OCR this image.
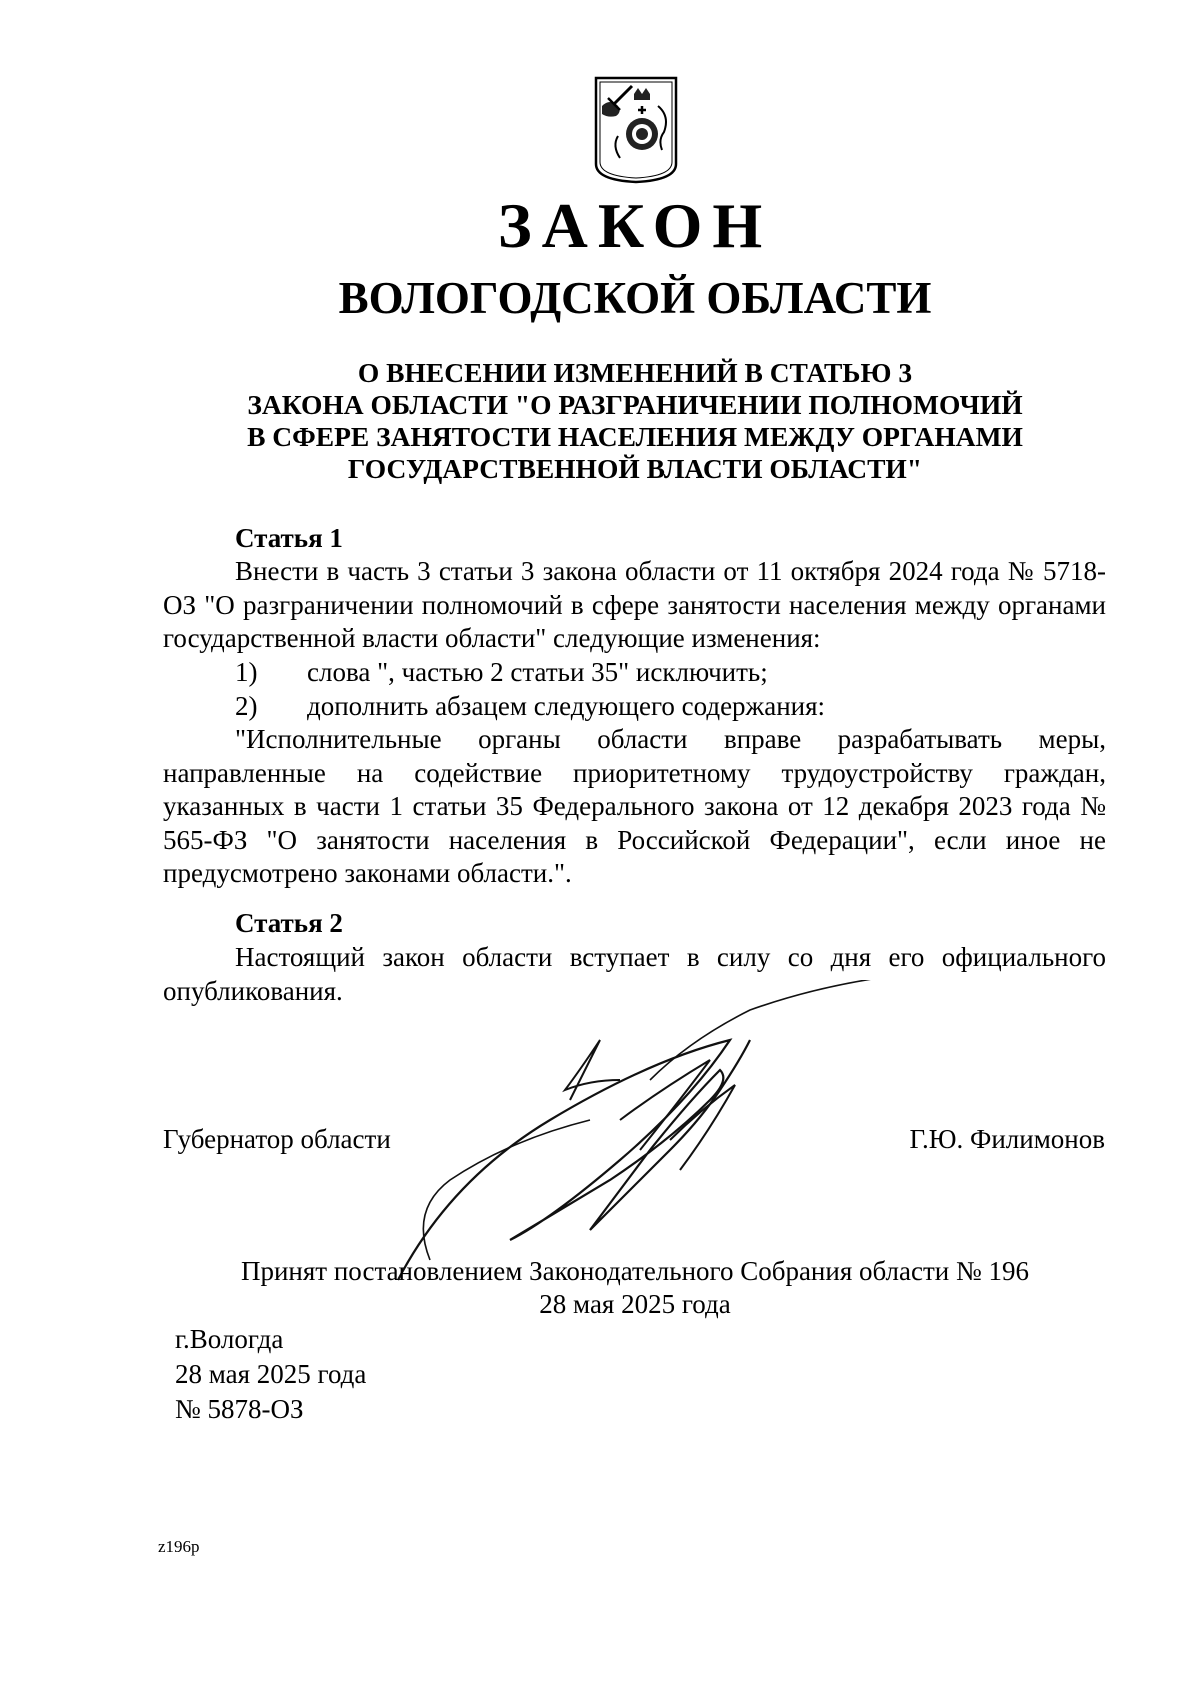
ЗАКОН
ВОЛОГОДСКОЙ ОБЛАСТИ
О ВНЕСЕНИИ ИЗМЕНЕНИЙ В СТАТЬЮ 3
ЗАКОНА ОБЛАСТИ "О РАЗГРАНИЧЕНИИ ПОЛНОМОЧИЙ
В СФЕРЕ ЗАНЯТОСТИ НАСЕЛЕНИЯ МЕЖДУ ОРГАНАМИ
ГОСУДАРСТВЕННОЙ ВЛАСТИ ОБЛАСТИ"
Статья 1
Внести в часть 3 статьи 3 закона области от 11 октября 2024 года № 5718-ОЗ "О разграничении полномочий в сфере занятости населения между органами государственной власти области" следующие изменения:
1) слова ", частью 2 статьи 35" исключить;
2) дополнить абзацем следующего содержания:
"Исполнительные органы области вправе разрабатывать меры, направленные на содействие приоритетному трудоустройству граждан, указанных в части 1 статьи 35 Федерального закона от 12 декабря 2023 года № 565-ФЗ "О занятости населения в Российской Федерации", если иное не предусмотрено законами области.".
Статья 2
Настоящий закон области вступает в силу со дня его официального опубликования.
Губернатор области	Г.Ю. Филимонов
Принят постановлением Законодательного Собрания области № 196
28 мая 2025 года
г.Вологда
28 мая 2025 года
№ 5878-ОЗ
z196p
